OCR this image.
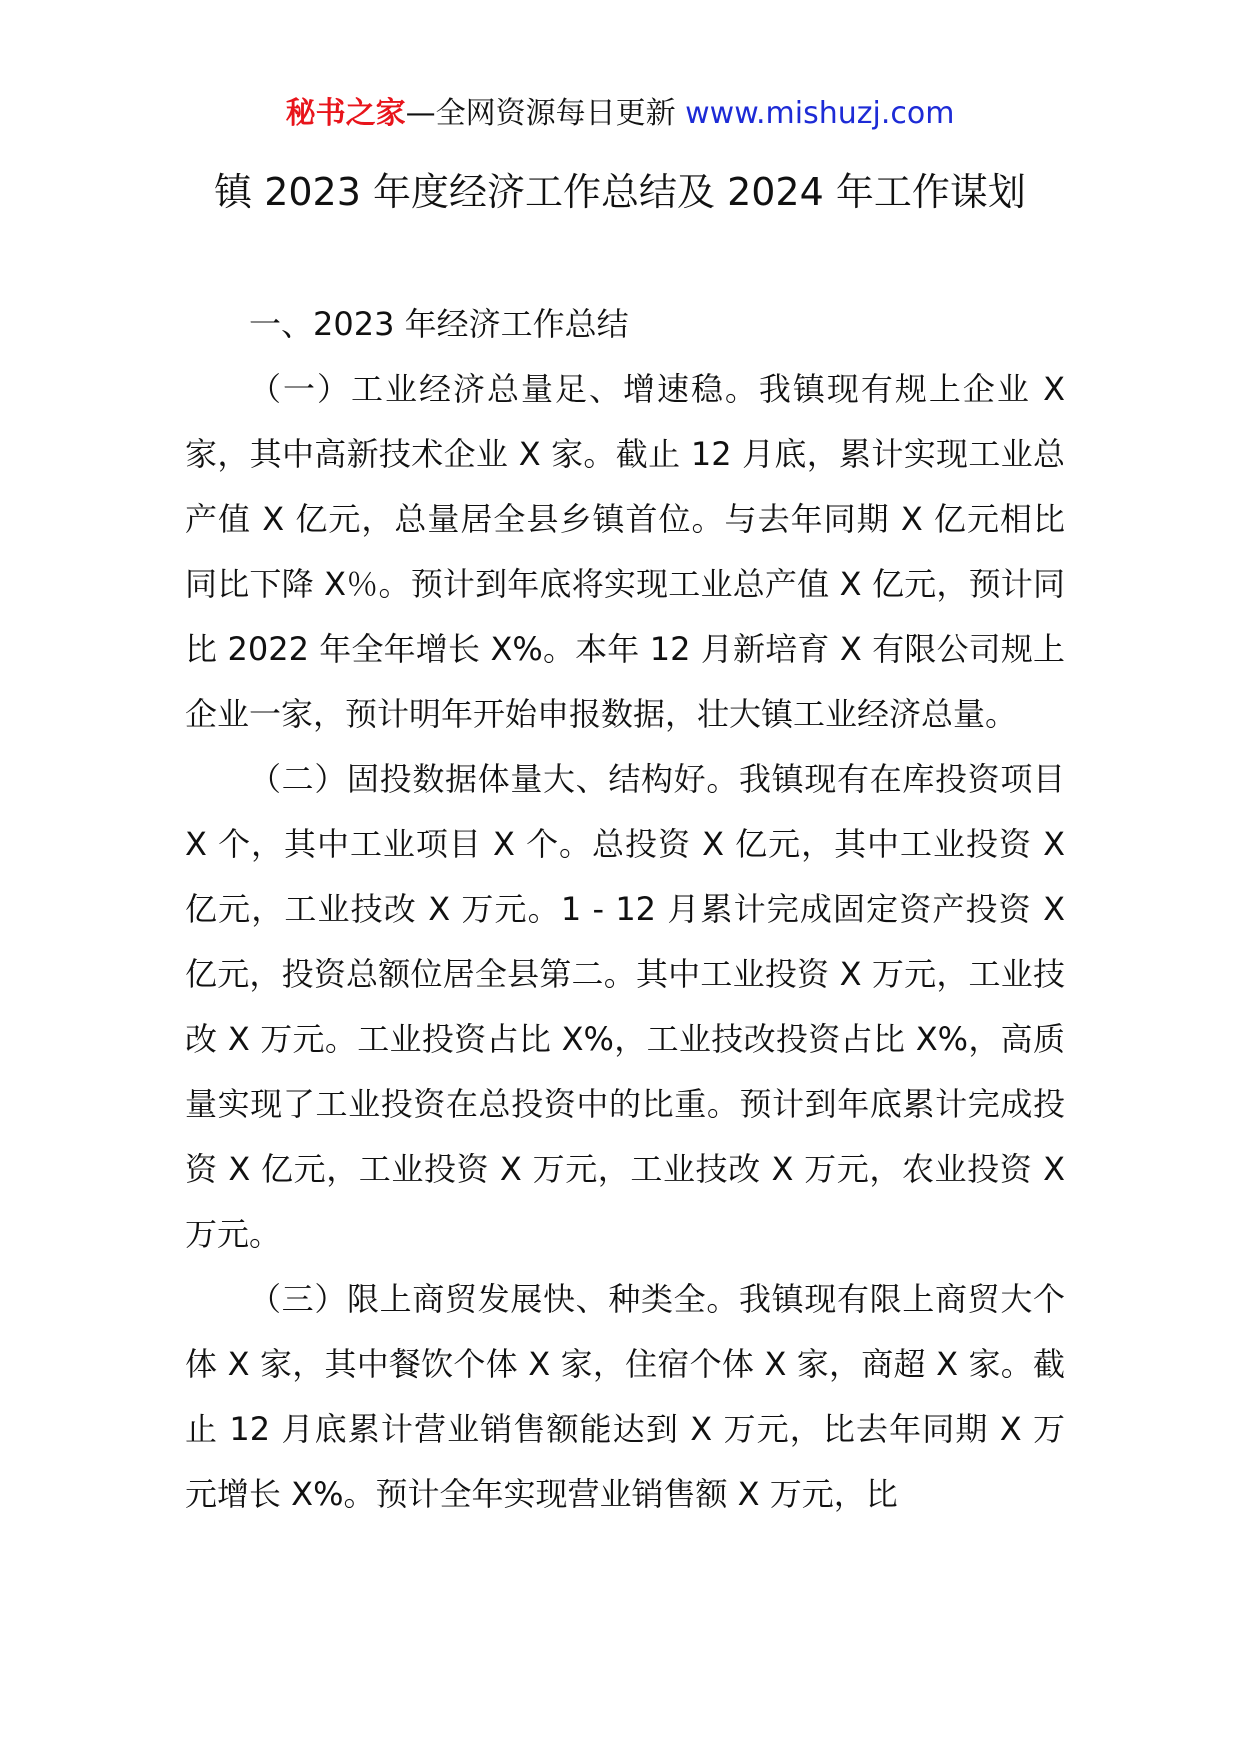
秘书之家—全网资源每日更新 www.mishuzj.com
镇 2023 年度经济工作总结及 2024 年工作谋划

一、2023 年经济工作总结

（一）工业经济总量足、增速稳。我镇现有规上企业 X 家，其中高新技术企业 X 家。截止 12 月底，累计实现工业总产值 X 亿元，总量居全县乡镇首位。与去年同期 X 亿元相比同比下降 X％。预计到年底将实现工业总产值 X 亿元，预计同比 2022 年全年增长 X%。本年 12 月新培育 X 有限公司规上企业一家，预计明年开始申报数据，壮大镇工业经济总量。

（二）固投数据体量大、结构好。我镇现有在库投资项目 X 个，其中工业项目 X 个。总投资 X 亿元，其中工业投资 X 亿元，工业技改 X 万元。1 - 12 月累计完成固定资产投资 X 亿元，投资总额位居全县第二。其中工业投资 X 万元，工业技改 X 万元。工业投资占比 X%，工业技改投资占比 X%，高质量实现了工业投资在总投资中的比重。预计到年底累计完成投资 X 亿元，工业投资 X 万元，工业技改 X 万元，农业投资 X 万元。

（三）限上商贸发展快、种类全。我镇现有限上商贸大个体 X 家，其中餐饮个体 X 家，住宿个体 X 家，商超 X 家。截止 12 月底累计营业销售额能达到 X 万元，比去年同期 X 万元增长 X%。预计全年实现营业销售额 X 万元，比
